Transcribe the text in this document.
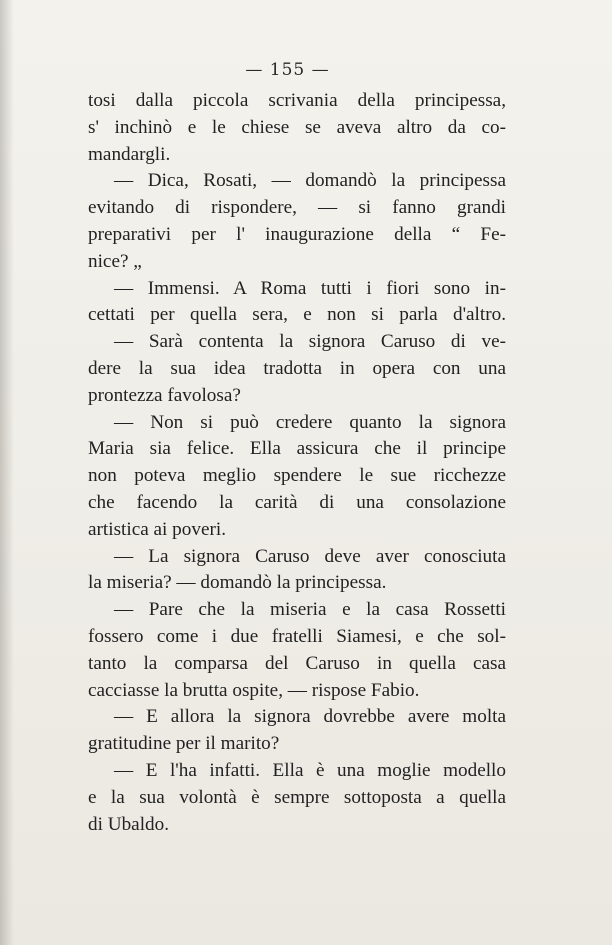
— 155 —
tosi dalla piccola scrivania della principessa,
s' inchinò e le chiese se aveva altro da co-
mandargli.
— Dica, Rosati, — domandò la principessa
evitando di rispondere, — si fanno grandi
preparativi per l' inaugurazione della “ Fe-
nice? „
— Immensi. A Roma tutti i fiori sono in-
cettati per quella sera, e non si parla d'altro.
— Sarà contenta la signora Caruso di ve-
dere la sua idea tradotta in opera con una
prontezza favolosa?
— Non si può credere quanto la signora
Maria sia felice. Ella assicura che il principe
non poteva meglio spendere le sue ricchezze
che facendo la carità di una consolazione
artistica ai poveri.
— La signora Caruso deve aver conosciuta
la miseria? — domandò la principessa.
— Pare che la miseria e la casa Rossetti
fossero come i due fratelli Siamesi, e che sol-
tanto la comparsa del Caruso in quella casa
cacciasse la brutta ospite, — rispose Fabio.
— E allora la signora dovrebbe avere molta
gratitudine per il marito?
— E l'ha infatti. Ella è una moglie modello
e la sua volontà è sempre sottoposta a quella
di Ubaldo.
